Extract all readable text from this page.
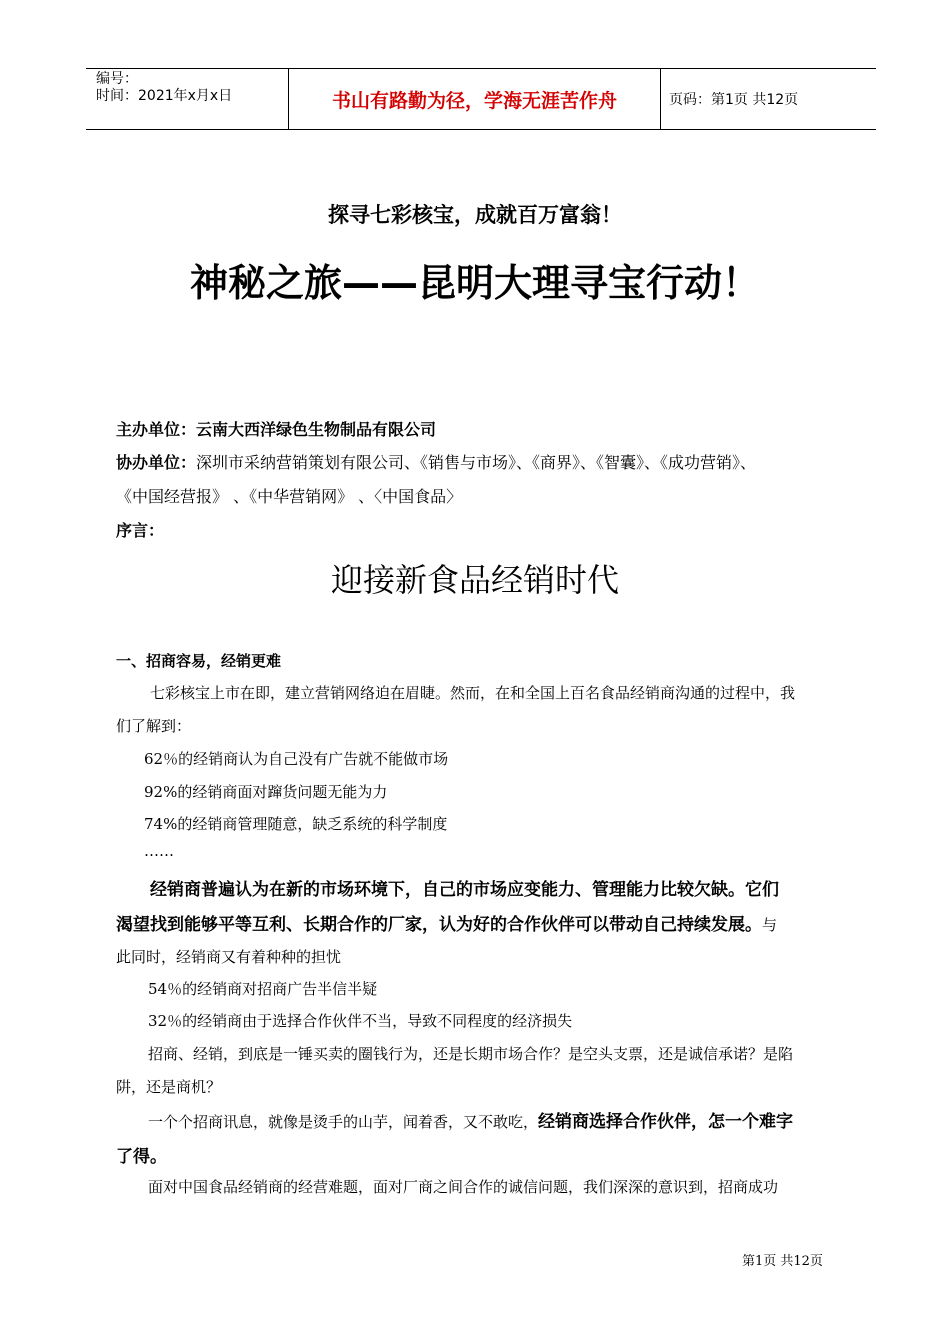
编号：
时间：2021年x月x日	书山有路勤为径，学海无涯苦作舟	页码：第1页 共12页
探寻七彩核宝，成就百万富翁！
神秘之旅——昆明大理寻宝行动！
主办单位：云南大西洋绿色生物制品有限公司
协办单位：深圳市采纳营销策划有限公司、《销售与市场》、《商界》、《智囊》、《成功营销》、
《中国经营报》 、《中华营销网》 、〈中国食品〉
序言：
迎接新食品经销时代
一、招商容易，经销更难
七彩核宝上市在即，建立营销网络迫在眉睫。然而，在和全国上百名食品经销商沟通的过程中，我
们了解到：
62％的经销商认为自己没有广告就不能做市场
92%的经销商面对蹿货问题无能为力
74%的经销商管理随意，缺乏系统的科学制度
……
经销商普遍认为在新的市场环境下，自己的市场应变能力、管理能力比较欠缺。它们
渴望找到能够平等互利、长期合作的厂家，认为好的合作伙伴可以带动自己持续发展。与
此同时，经销商又有着种种的担忧
54％的经销商对招商广告半信半疑
32％的经销商由于选择合作伙伴不当，导致不同程度的经济损失
招商、经销，到底是一锤买卖的圈钱行为，还是长期市场合作？是空头支票，还是诚信承诺？是陷
阱，还是商机？
一个个招商讯息，就像是烫手的山芋，闻着香，又不敢吃，经销商选择合作伙伴，怎一个难字
了得。
面对中国食品经销商的经营难题，面对厂商之间合作的诚信问题，我们深深的意识到，招商成功
第1页 共12页
